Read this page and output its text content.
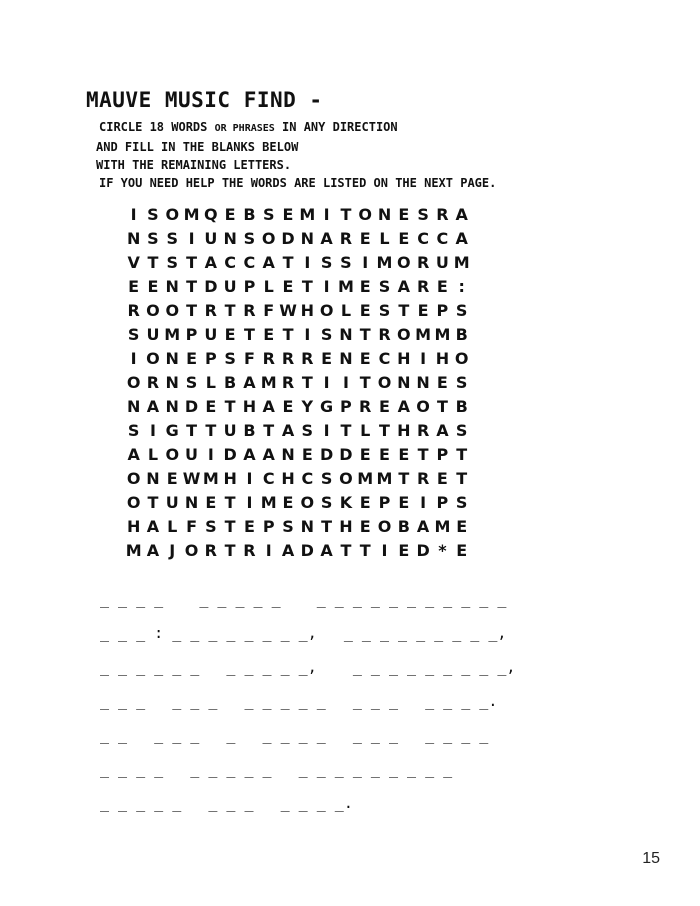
MAUVE MUSIC FIND -
CIRCLE 18 WORDS OR PHRASES IN ANY DIRECTION
AND FILL IN THE BLANKS BELOW
WITH THE REMAINING LETTERS.
IF YOU NEED HELP THE WORDS ARE LISTED ON THE NEXT PAGE.
I S O M Q E B S E M I T O N E S R A
N S S I U N S O D N A R E L E C C A
V T S T A C C A T I S S I M O R U M
E E N T D U P L E T I M E S A R E :
R O O T R T R F W H O L E S T E P S
S U M P U E T E T I S N T R O M M B
I O N E P S F R R R E N E C H I H O
O R N S L B A M R T I I T O N N E S
N A N D E T H A E Y G P R E A O T B
S I G T T U B T A S I T L T H R A S
A L O U I D A A N E D D E E E T P T
O N E W M H I C H C S O M M T R E T
O T U N E T I M E O S K E P E I P S
H A L F S T E P S N T H E O B A M E
M A J O R T R I A D A T T I E D * E
_ _ _ _    _ _ _ _ _    _ _ _ _ _ _ _ _ _ _ _
_ _ _ : _ _ _ _ _ _ _ _,   _ _ _ _ _ _ _ _ _,
_ _ _ _ _ _   _ _ _ _ _,    _ _ _ _ _ _ _ _ _,
_ _ _   _ _ _   _ _ _ _ _   _ _ _   _ _ _ _.
_ _   _ _ _   _   _ _ _ _   _ _ _   _ _ _ _
_ _ _ _   _ _ _ _ _   _ _ _ _ _ _ _ _ _
_ _ _ _ _   _ _ _   _ _ _ _.
15
